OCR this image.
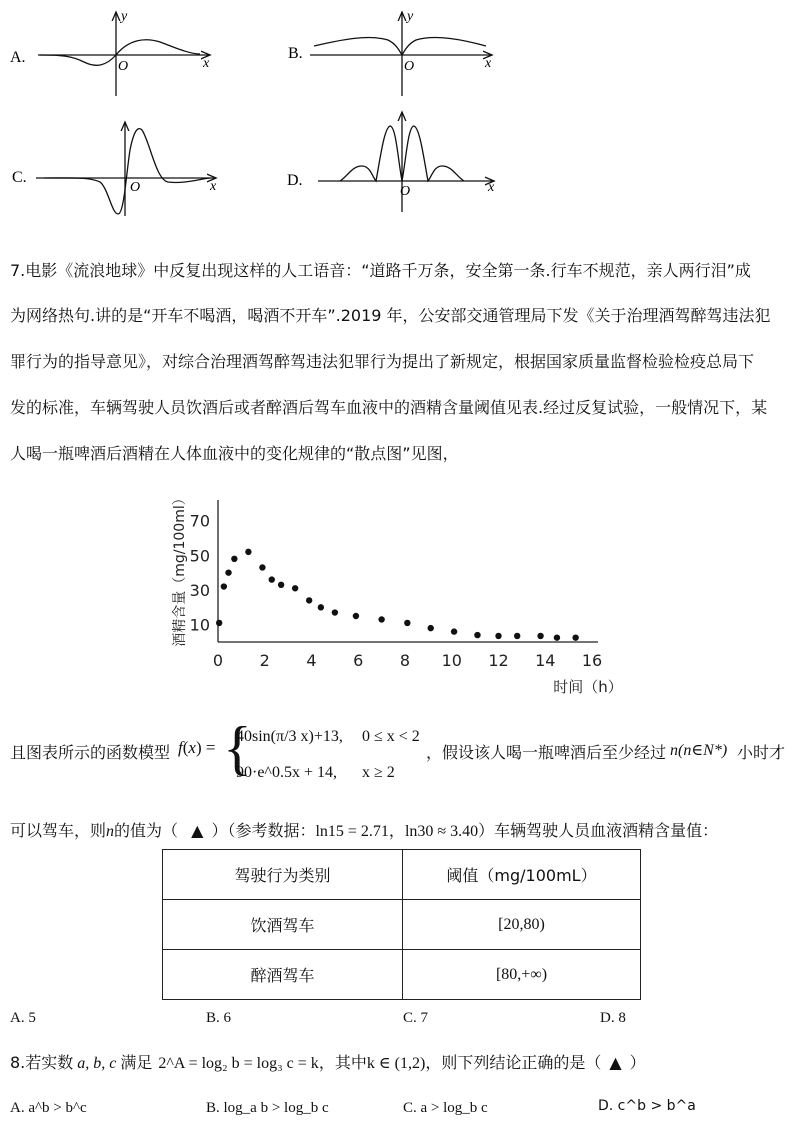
A.
y
x
O
B.
y
x
O
C.
x
O	D.	x
O
7.电影《流浪地球》中反复出现这样的人工语音：“道路千万条，安全第一条.行车不规范，亲人两行泪”成
为网络热句.讲的是“开车不喝酒，喝酒不开车”.2019 年，公安部交通管理局下发《关于治理酒驾醉驾违法犯
罪行为的指导意见》，对综合治理酒驾醉驾违法犯罪行为提出了新规定，根据国家质量监督检验检疫总局下
发的标准，车辆驾驶人员饮酒后或者醉酒后驾车血液中的酒精含量阈值见表.经过反复试验，一般情况下，某
人喝一瓶啤酒后酒精在人体血液中的变化规律的“散点图”见图，
0 2 4 6 8 10 12 14 16
10
30
50
70
时间（h）
酒精含量（mg/100ml）
且图表所示的函数模型 f(x) = {
40sin(π/3 x)+13, 0 ≤ x < 2
90·e^0.5x + 14, x ≥ 2
，假设该人喝一瓶啤酒后至少经过 n(n∈N*) 小时才
可以驾车，则n的值为（ ▲ ）（参考数据：ln15 = 2.71，ln30 ≈ 3.40）车辆驾驶人员血液酒精含量值：
驾驶行为类别	阈值（mg/100mL）
饮酒驾车	[20,80)
醉酒驾车	[80,+∞)
A. 5	B. 6	C. 7	D. 8
8.若实数 a, b, c 满足 2^A = log₂ b = log₃ c = k，其中k ∈ (1,2)，则下列结论正确的是（ ▲ ）
A. a^b > b^c	B. log_a b > log_b c	C. a > log_b c	D. c^b > b^a
